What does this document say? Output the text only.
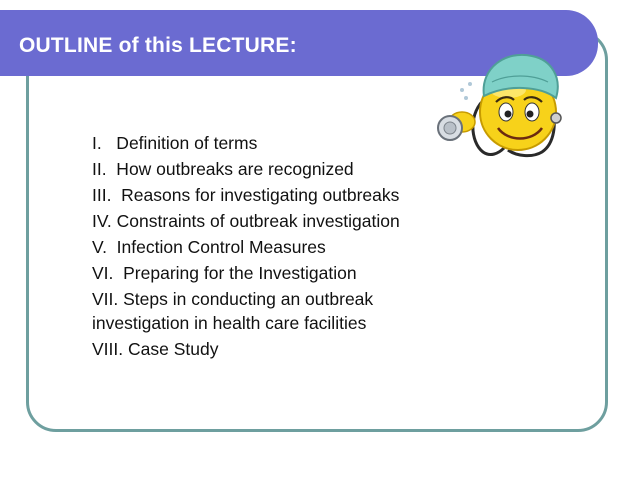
OUTLINE of this LECTURE:
I.   Definition of terms
II.  How outbreaks are recognized
III.  Reasons for investigating outbreaks
IV. Constraints of outbreak investigation
V.  Infection Control Measures
VI.  Preparing for the Investigation
VII. Steps in conducting an outbreak
investigation in health care facilities
VIII. Case Study
